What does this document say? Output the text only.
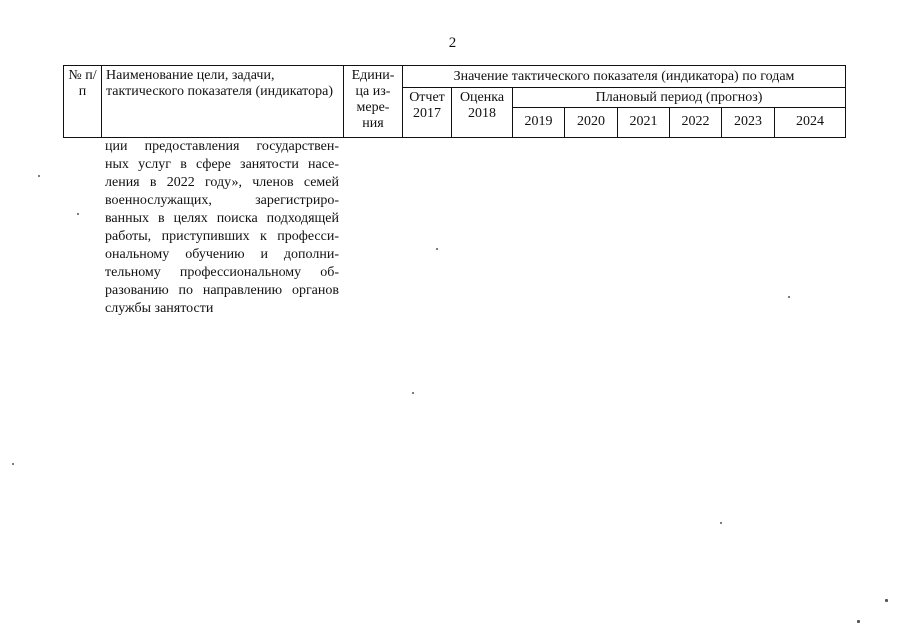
2
№ п/п	Наименование цели, задачи, тактического показателя (индикатора)	Едини-
ца из-
мере-
ния	Значение тактического показателя (индикатора) по годам							
			Отчет 2017	Оценка 2018	Плановый период (прогноз)					
					2019	2020	2021	2022	2023	2024
ции предоставления государствен-
ных услуг в сфере занятости насе-
ления в 2022 году», членов семей
военнослужащих, зарегистриро-
ванных в целях поиска подходящей
работы, приступивших к професси-
ональному обучению и дополни-
тельному профессиональному об-
разованию по направлению органов
службы занятости
